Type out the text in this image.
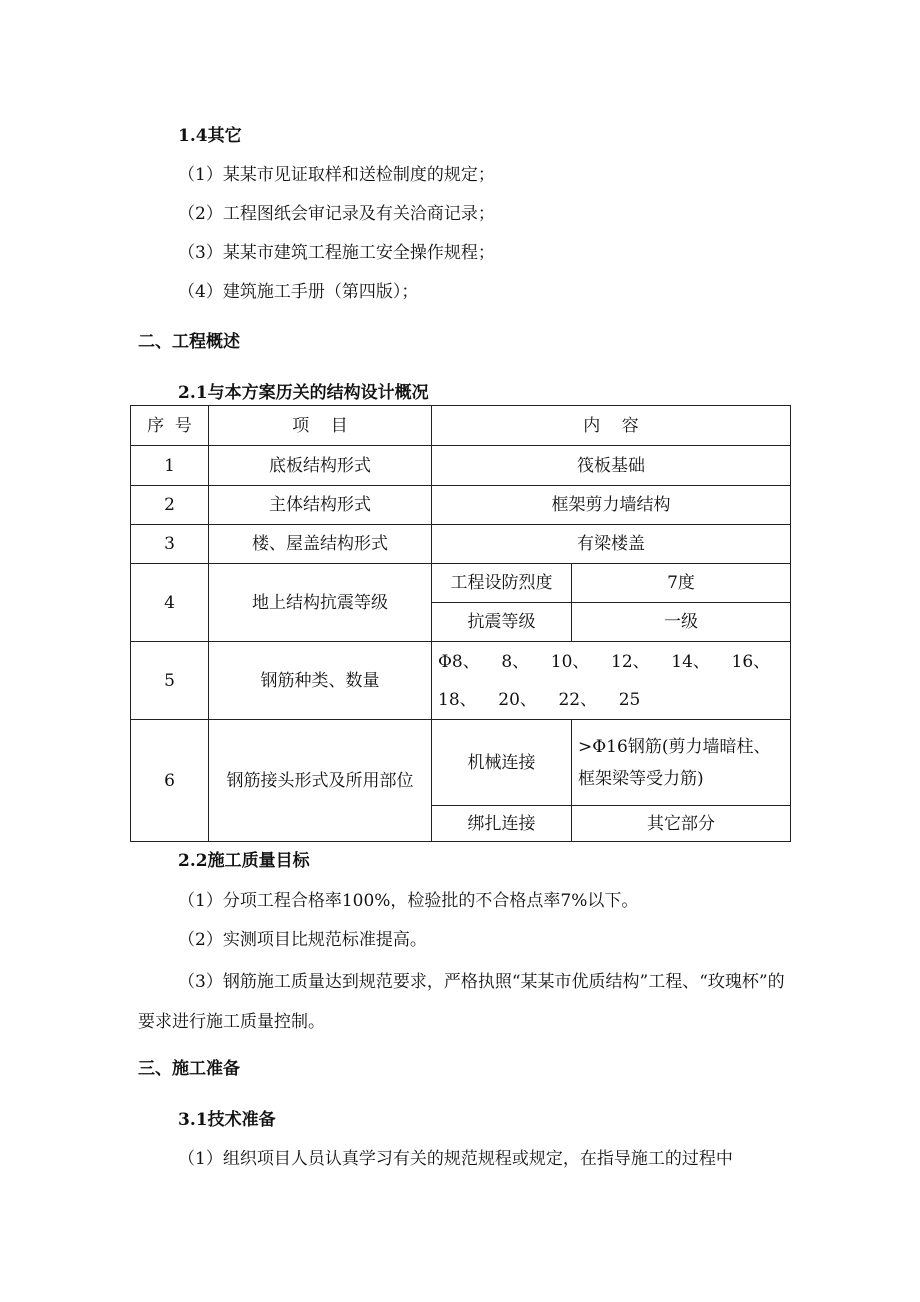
1.4其它
（1）某某市见证取样和送检制度的规定；
（2）工程图纸会审记录及有关洽商记录；
（3）某某市建筑工程施工安全操作规程；
（4）建筑施工手册（第四版）；
二、工程概述
2.1与本方案历关的结构设计概况
序  号	项    目	内    容	
1	底板结构形式	筏板基础	
2	主体结构形式	框架剪力墙结构	
3	楼、屋盖结构形式	有梁楼盖	
4	地上结构抗震等级	工程设防烈度	7度
		抗震等级	一级
5	钢筋种类、数量	Φ8、    8、    10、    12、    14、    16、
18、    20、    22、    25	

6	钢筋接头形式及所用部位	机械连接	>Φ16钢筋(剪力墙暗柱、
框架梁等受力筋)

		绑扎连接	其它部分
2.2施工质量目标
（1）分项工程合格率100%，检验批的不合格点率7%以下。
（2）实测项目比规范标准提高。
（3）钢筋施工质量达到规范要求，严格执照“某某市优质结构”工程、“玫瑰杯”的要求进行施工质量控制。
三、施工准备
3.1技术准备
（1）组织项目人员认真学习有关的规范规程或规定，在指导施工的过程中
